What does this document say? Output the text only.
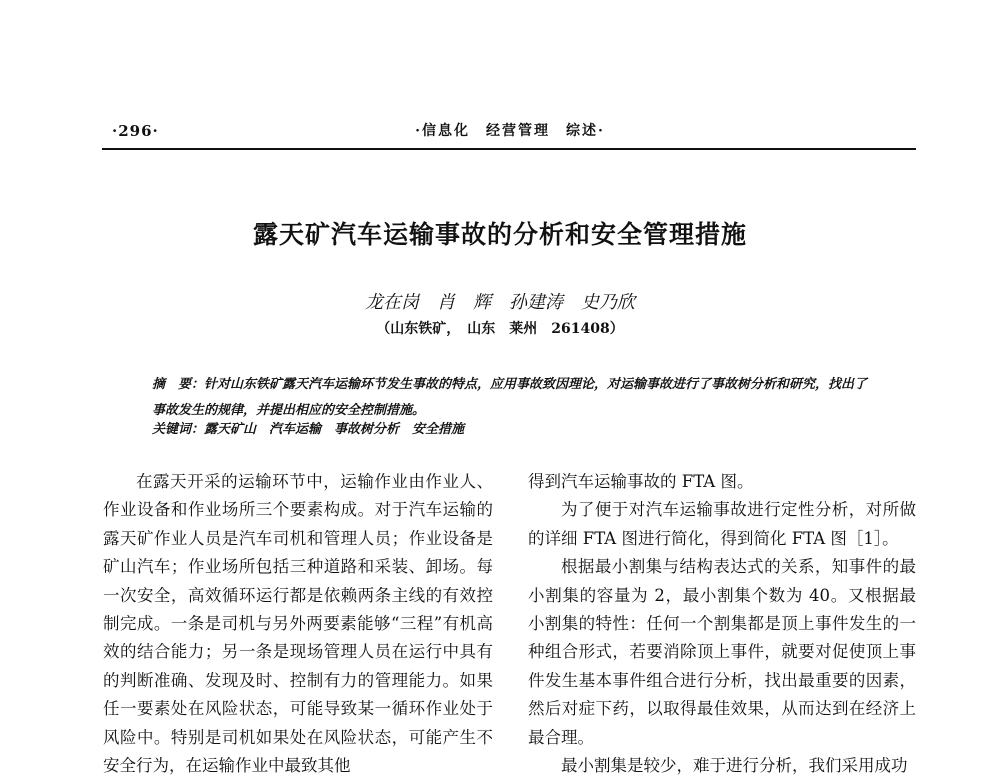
·296·	·信息化　经营管理　综述·
露天矿汽车运输事故的分析和安全管理措施
龙在岗　肖　辉　孙建涛　史乃欣
（山东铁矿，　山东　莱州　261408）
摘　要：针对山东铁矿露天汽车运输环节发生事故的特点，应用事故致因理论，对运输事故进行了事故树分析和研究，找出了事故发生的规律，并提出相应的安全控制措施。
关键词：露天矿山　汽车运输　事故树分析　安全措施

在露天开采的运输环节中，运输作业由作业人、作业设备和作业场所三个要素构成。对于汽车运输的露天矿作业人员是汽车司机和管理人员；作业设备是矿山汽车；作业场所包括三种道路和采装、卸场。每一次安全，高效循环运行都是依赖两条主线的有效控制完成。一条是司机与另外两要素能够“三程”有机高效的结合能力；另一条是现场管理人员在运行中具有的判断准确、发现及时、控制有力的管理能力。如果任一要素处在风险状态，可能导致某一循环作业处于风险中。特别是司机如果处在风险状态，可能产生不安全行为，在运输作业中最致其他

得到汽车运输事故的 FTA 图。

为了便于对汽车运输事故进行定性分析，对所做的详细 FTA 图进行简化，得到简化 FTA 图［1］。

根据最小割集与结构表达式的关系，知事件的最小割集的容量为 2，最小割集个数为 40。又根据最小割集的特性：任何一个割集都是顶上事件发生的一种组合形式，若要消除顶上事件，就要对促使顶上事件发生基本事件组合进行分析，找出最重要的因素，然后对症下药，以取得最佳效果，从而达到在经济上最合理。

最小割集是较少，难于进行分析，我们采用成功
